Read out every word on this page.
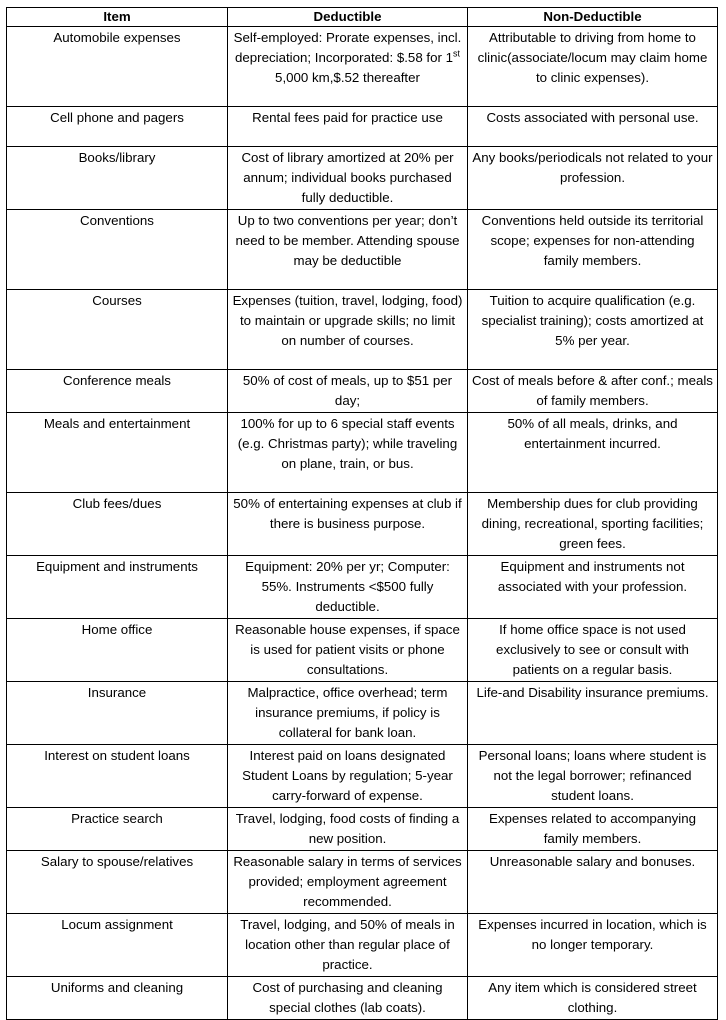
Item	Deductible	Non-Deductible
Automobile expenses	Self-employed: Prorate expenses, incl. depreciation; Incorporated: $.58 for 1st 5,000 km,$.52 thereafter	Attributable to driving from home to clinic(associate/locum may claim home to clinic expenses).
Cell phone and pagers	Rental fees paid for practice use	Costs associated with personal use.
Books/library	Cost of library amortized at 20% per annum; individual books purchased fully deductible.	Any books/periodicals not related to your profession.
Conventions	Up to two conventions per year; don’t need to be member. Attending spouse may be deductible	Conventions held outside its territorial scope; expenses for non-attending family members.
Courses	Expenses (tuition, travel, lodging, food) to maintain or upgrade skills; no limit on number of courses.	Tuition to acquire qualification (e.g. specialist training); costs amortized at 5% per year.
Conference meals	50% of cost of meals, up to $51 per day;	Cost of meals before & after conf.; meals of family members.
Meals and entertainment	100% for up to 6 special staff events (e.g. Christmas party); while traveling on plane, train, or bus.	50% of all meals, drinks, and entertainment incurred.
Club fees/dues	50% of entertaining expenses at club if there is business purpose.	Membership dues for club providing dining, recreational, sporting facilities; green fees.
Equipment and instruments	Equipment: 20% per yr; Computer: 55%. Instruments <$500 fully deductible.	Equipment and instruments not associated with your profession.
Home office	Reasonable house expenses, if space is used for patient visits or phone consultations.	If home office space is not used exclusively to see or consult with patients on a regular basis.
Insurance	Malpractice, office overhead; term insurance premiums, if policy is collateral for bank loan.	Life-and Disability insurance premiums.
Interest on student loans	Interest paid on loans designated Student Loans by regulation; 5-year carry-forward of expense.	Personal loans; loans where student is not the legal borrower; refinanced student loans.
Practice search	Travel, lodging, food costs of finding a new position.	Expenses related to accompanying family members.
Salary to spouse/relatives	Reasonable salary in terms of services provided; employment agreement recommended.	Unreasonable salary and bonuses.
Locum assignment	Travel, lodging, and 50% of meals in location other than regular place of practice.	Expenses incurred in location, which is no longer temporary.
Uniforms and cleaning	Cost of purchasing and cleaning special clothes (lab coats).	Any item which is considered street clothing.
